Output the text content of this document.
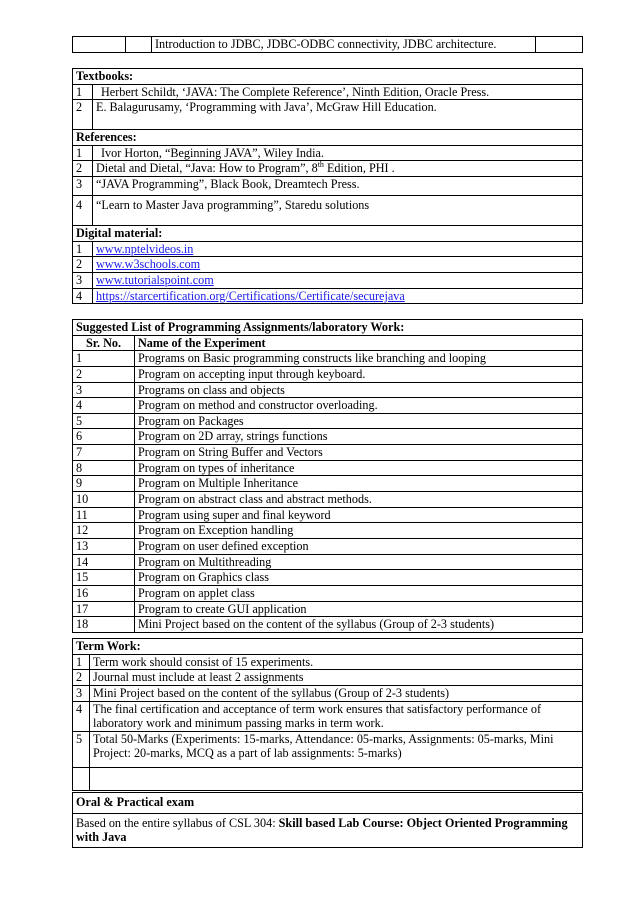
		Introduction to JDBC, JDBC-ODBC connectivity, JDBC architecture.	
Textbooks:	
1	Herbert Schildt, ‘JAVA: The Complete Reference’, Ninth Edition, Oracle Press.
2	E. Balagurusamy, ‘Programming with Java’, McGraw Hill Education.
References:	
1	Ivor Horton, “Beginning JAVA”, Wiley India.
2	Dietal and Dietal, “Java: How to Program”, 8th Edition, PHI .
3	“JAVA Programming”, Black Book, Dreamtech Press.
4	“Learn to Master Java programming”, Staredu solutions
Digital material:	
1	www.nptelvideos.in
2	www.w3schools.com
3	www.tutorialspoint.com
4	https://starcertification.org/Certifications/Certificate/securejava
Suggested List of Programming Assignments/laboratory Work:	
Sr. No.	Name of the Experiment
1	Programs on Basic programming constructs like branching and looping
2	Program on accepting input through keyboard.
3	Programs on class and objects
4	Program on method and constructor overloading.
5	Program on Packages
6	Program on 2D array, strings functions
7	Program on String Buffer and Vectors
8	Program on types of inheritance
9	Program on Multiple Inheritance
10	Program on abstract class and abstract methods.
11	Program using super and final keyword
12	Program on Exception handling
13	Program on user defined exception
14	Program on Multithreading
15	Program on Graphics class
16	Program on applet class
17	Program to create GUI application
18	Mini Project based on the content of the syllabus (Group of 2-3 students)
Term Work:	
1	Term work should consist of 15 experiments.
2	Journal must include at least 2 assignments
3	Mini Project based on the content of the syllabus (Group of 2-3 students)
4	The final certification and acceptance of term work ensures that satisfactory performance of laboratory work and minimum passing marks in term work.
5	Total 50-Marks (Experiments: 15-marks, Attendance: 05-marks, Assignments: 05-marks, Mini Project: 20-marks, MCQ as a part of lab assignments: 5-marks)

Oral & Practical exam
Based on the entire syllabus of CSL 304: Skill based Lab Course: Object Oriented Programming with Java
